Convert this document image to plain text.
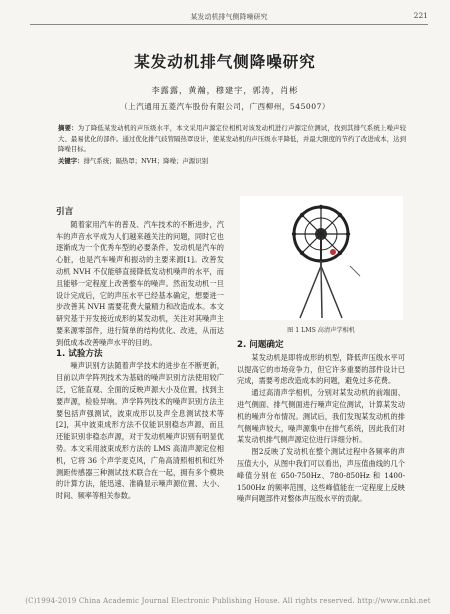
某发动机排气侧降噪研究	221
某发动机排气侧降噪研究
李露露，黄瀚，穆建宇，郭涛，肖彬
（上汽通用五菱汽车股份有限公司，广西柳州，545007）
摘要：为了降低某发动机的声压级水平，本文采用声源定位相机对该发动机进行声源定位测试，找到其排气系统上噪声较大、最易优化的部件。通过优化排气歧管隔热罩设计，使某发动机的声压级水平降低，并最大限度的节约了改进成本，达到降噪目标。
关键字：排气系统；隔热罩；NVH；降噪；声源识别

引言

随着家用汽车的普及、汽车技术的不断进步，汽车的声音水平成为人们越来越关注的问题，同时它也逐渐成为一个优秀车型的必要条件。发动机是汽车的心脏，也是汽车噪声和振动的主要来源[1]。改善发动机 NVH 不仅能够直接降低发动机噪声的水平，而且能够一定程度上改善整车的噪声。然而发动机一旦设计完成后，它的声压水平已经基本确定，想要进一步改善其 NVH 需要花费大量精力和改造成本。本文研究基于开发接近成形的某发动机，关注对其噪声主要来源零部件，进行简单的结构优化、改进，从而达到低成本改善噪声水平的目的。

1. 试验方法

噪声识别方法随着声学技术的进步在不断更新，目前以声学阵列技术为基础的噪声识别方法使用较广泛，它能直观、全面的反映声源大小及位置，找到主要声源，检验异响。声学阵列技术的噪声识别方法主要包括声强测试，波束成形以及声全息测试技术等[2]，其中波束成形方法不仅能识别稳态声源，而且还能识别非稳态声源，对于发动机噪声识别有明显优势。本文采用波束成形方法的 LMS 高清声源定位相机，它将 36 个声学麦克风，广角高清照相机和红外测距传感器三种测试技术联合在一起，拥有多个模块的计算方法，能迅速、准确显示噪声源位置、大小、时间、频率等相关参数。

图 1 LMS 高清声学相机

2. 问题确定

某发动机是即将成形的机型，降低声压级水平可以提高它的市场竞争力，但它许多重要的部件设计已完成，需要考虑改造成本的问题，避免过多花费。

通过高清声学相机，分别对某发动机的前端面、进气侧面、排气侧面进行噪声定位测试，计算某发动机的噪声分布情况。测试后，我们发现某发动机的排气侧噪声较大，噪声源集中在排气系统，因此我们对某发动机排气侧声源定位进行详细分析。

图2反映了发动机在整个测试过程中各频率的声压值大小，从图中我们可以看出，声压值曲线的几个峰值分别在 650-750Hz、780-850Hz 和 1400-1500Hz 的频率范围，这些峰值能在一定程度上反映噪声问题部件对整体声压级水平的贡献。

(C)1994-2019 China Academic Journal Electronic Publishing House. All rights reserved. http://www.cnki.net
